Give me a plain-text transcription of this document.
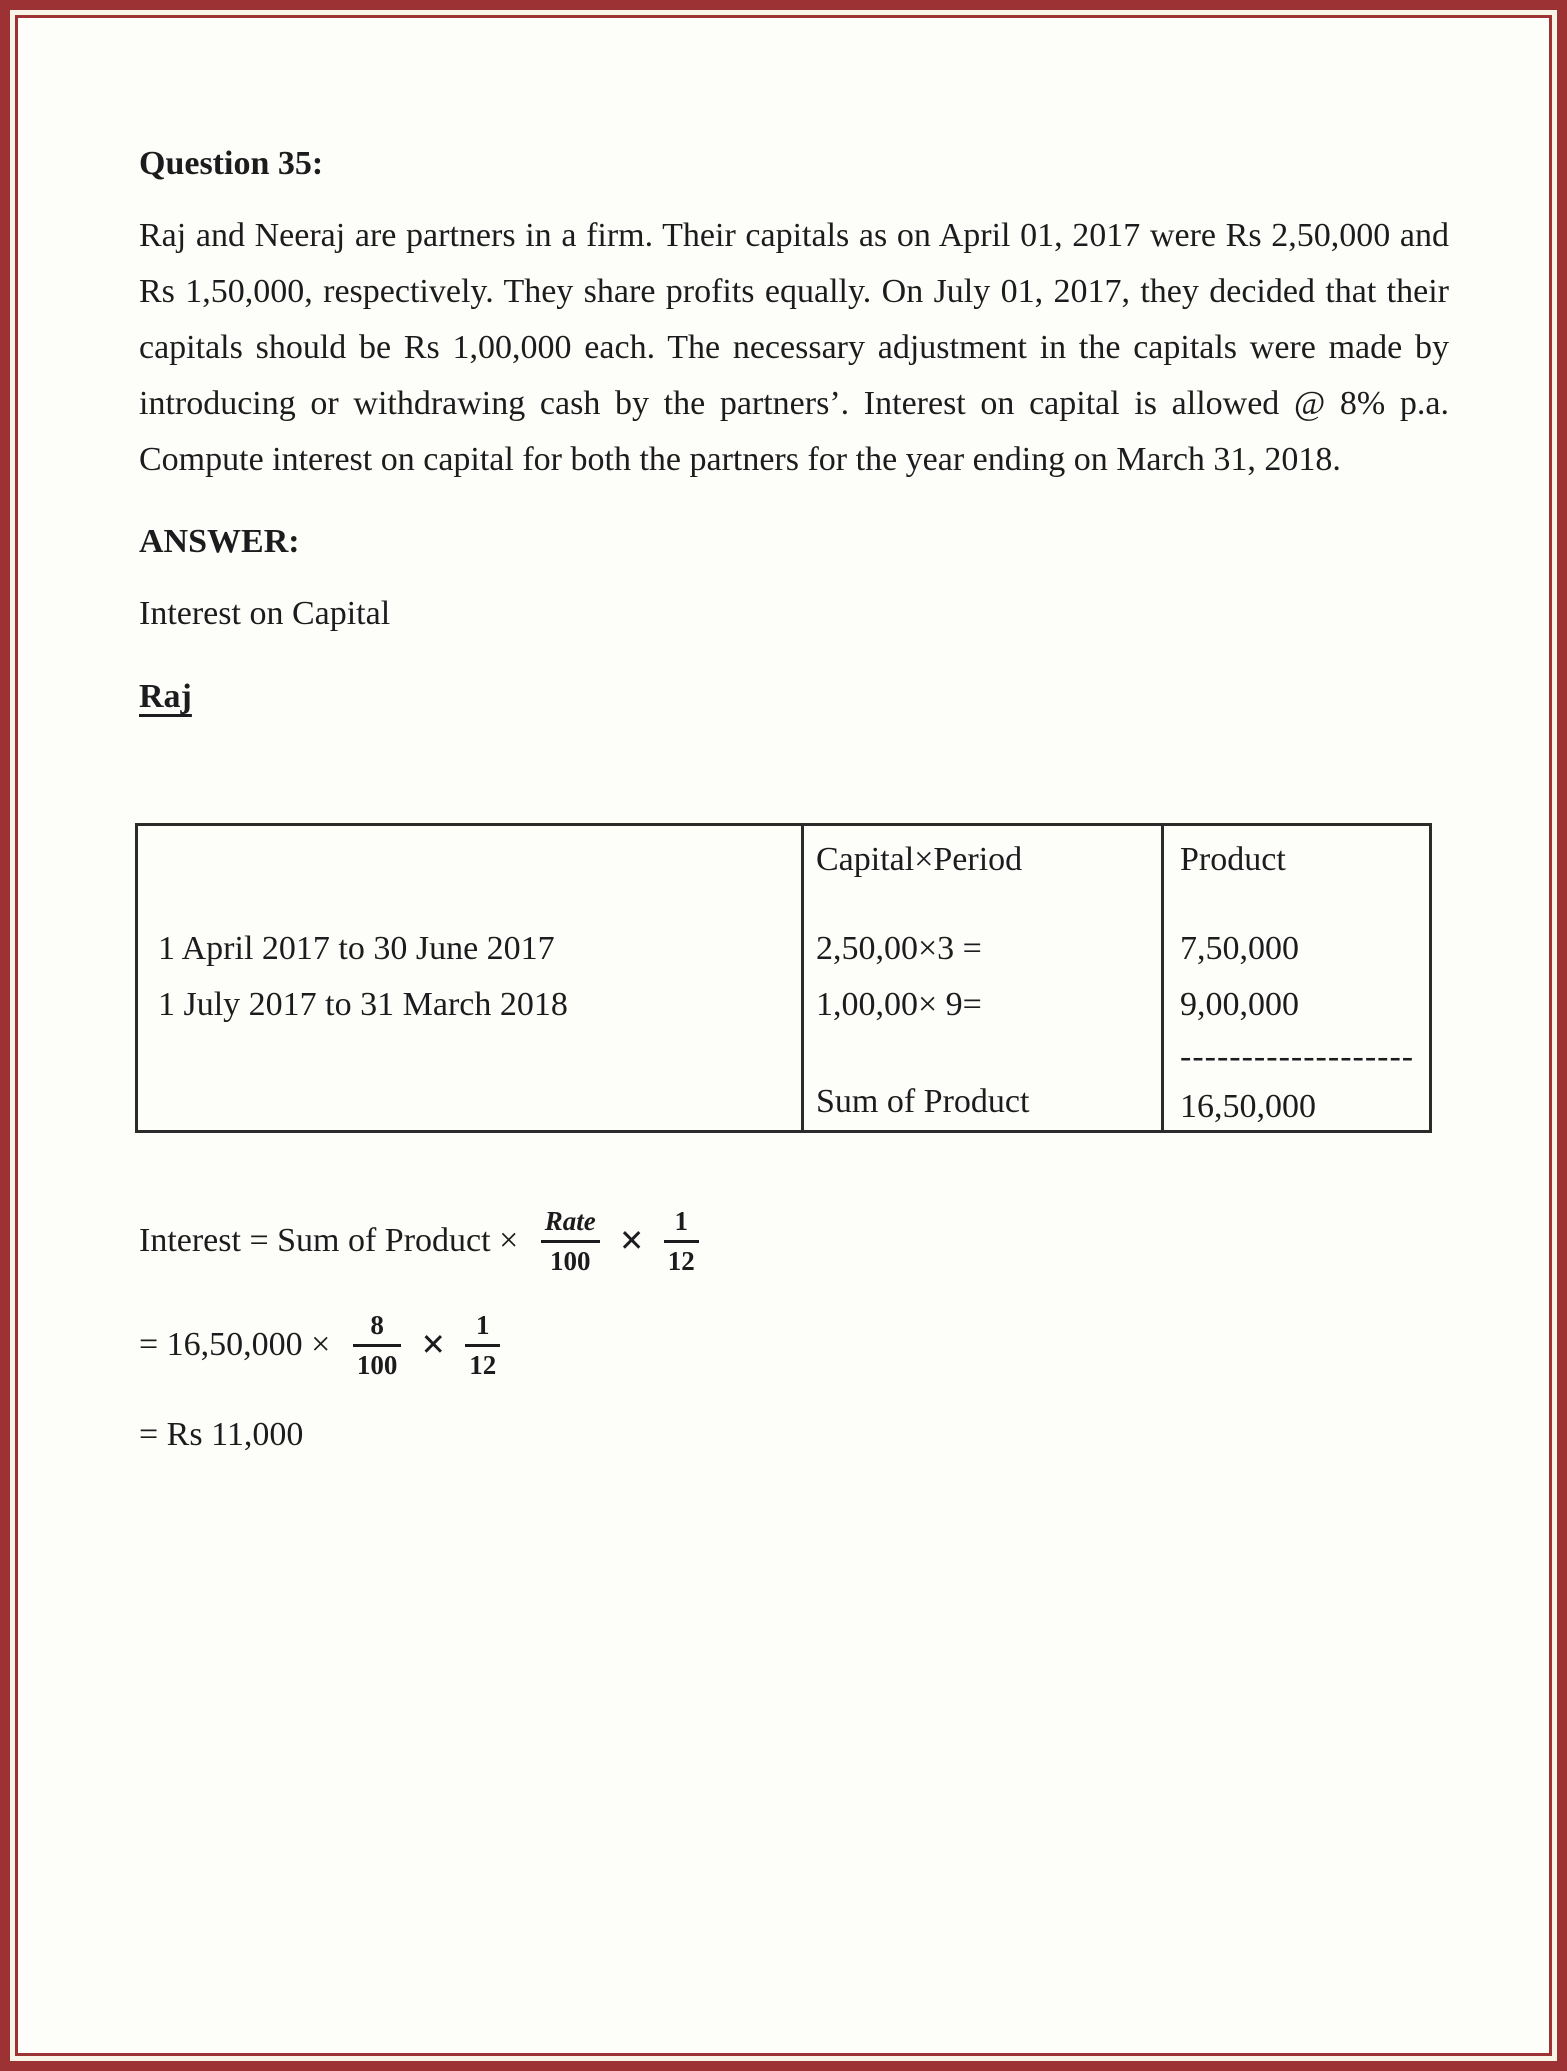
Question 35:

Raj and Neeraj are partners in a firm. Their capitals as on April 01, 2017 were Rs 2,50,000 and Rs 1,50,000, respectively. They share profits equally. On July 01, 2017, they decided that their capitals should be Rs 1,00,000 each. The necessary adjustment in the capitals were made by introducing or withdrawing cash by the partners’. Interest on capital is allowed @ 8% p.a. Compute interest on capital for both the partners for the year ending on March 31, 2018.

ANSWER:
Interest on Capital
Raj
1 April 2017 to 30 June 2017
1 July 2017 to 31 March 2018
Capital×Period
2,50,00×3 =
1,00,00× 9=
Sum of Product
Product
7,50,000
9,00,000
-------------------
16,50,000
Interest = Sum of Product × $\frac{\text{Rate}}{100} \times \frac{1}{12}$
= $16,50,000 \times \frac{8}{100} \times \frac{1}{12}$
= Rs 11,000
